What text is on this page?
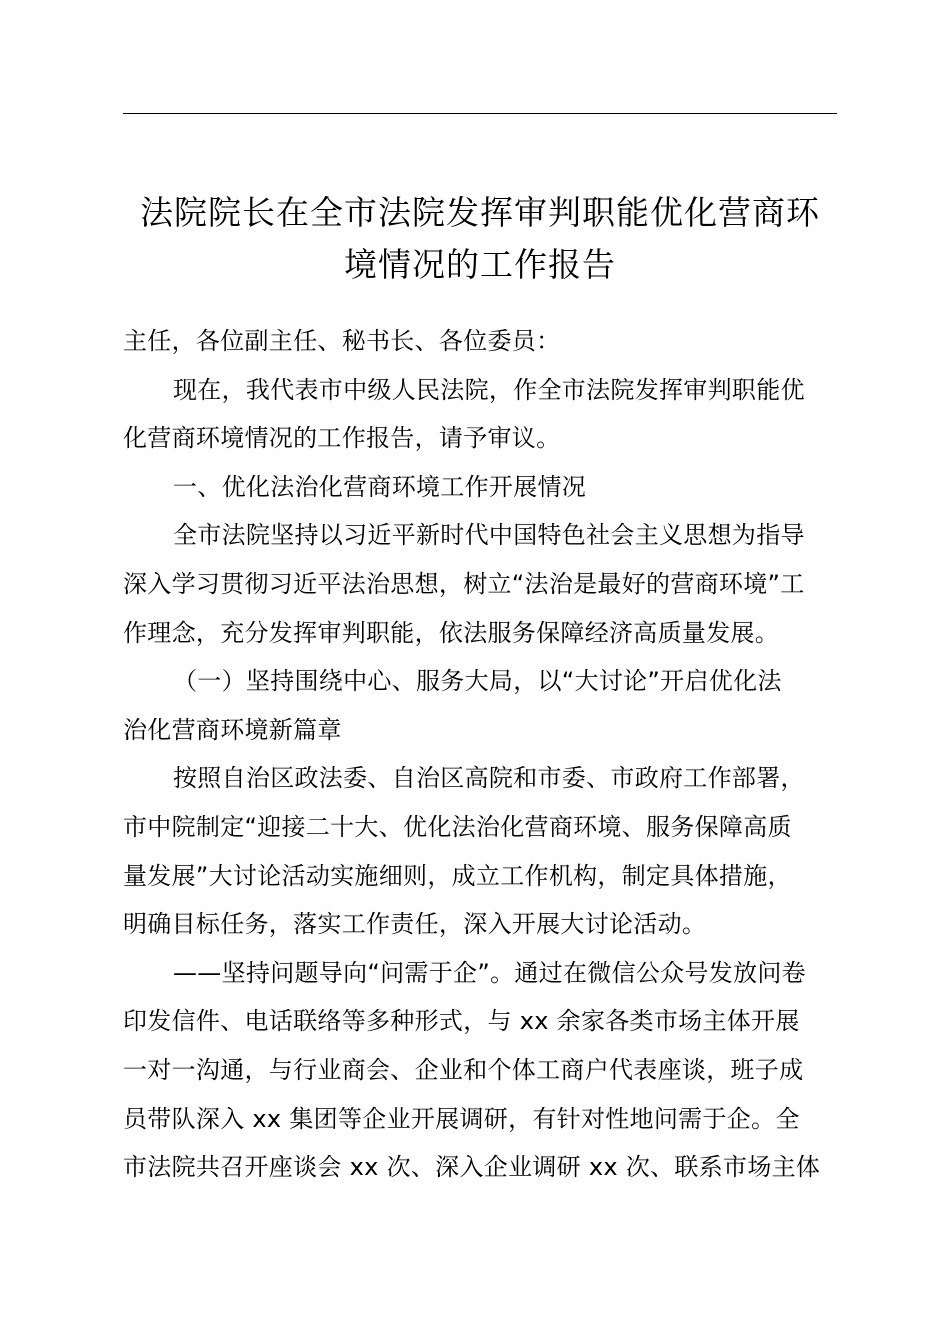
法院院长在全市法院发挥审判职能优化营商环
境情况的工作报告
主任，各位副主任、秘书长、各位委员：
现在，我代表市中级人民法院，作全市法院发挥审判职能优
化营商环境情况的工作报告，请予审议。
一、优化法治化营商环境工作开展情况
全市法院坚持以习近平新时代中国特色社会主义思想为指导
深入学习贯彻习近平法治思想，树立“法治是最好的营商环境”工
作理念，充分发挥审判职能，依法服务保障经济高质量发展。
（一）坚持围绕中心、服务大局，以“大讨论”开启优化法
治化营商环境新篇章
按照自治区政法委、自治区高院和市委、市政府工作部署，
市中院制定“迎接二十大、优化法治化营商环境、服务保障高质
量发展”大讨论活动实施细则，成立工作机构，制定具体措施，
明确目标任务，落实工作责任，深入开展大讨论活动。
——坚持问题导向“问需于企”。通过在微信公众号发放问卷
印发信件、电话联络等多种形式，与 xx 余家各类市场主体开展
一对一沟通，与行业商会、企业和个体工商户代表座谈，班子成
员带队深入 xx 集团等企业开展调研，有针对性地问需于企。全
市法院共召开座谈会 xx 次、深入企业调研 xx 次、联系市场主体
